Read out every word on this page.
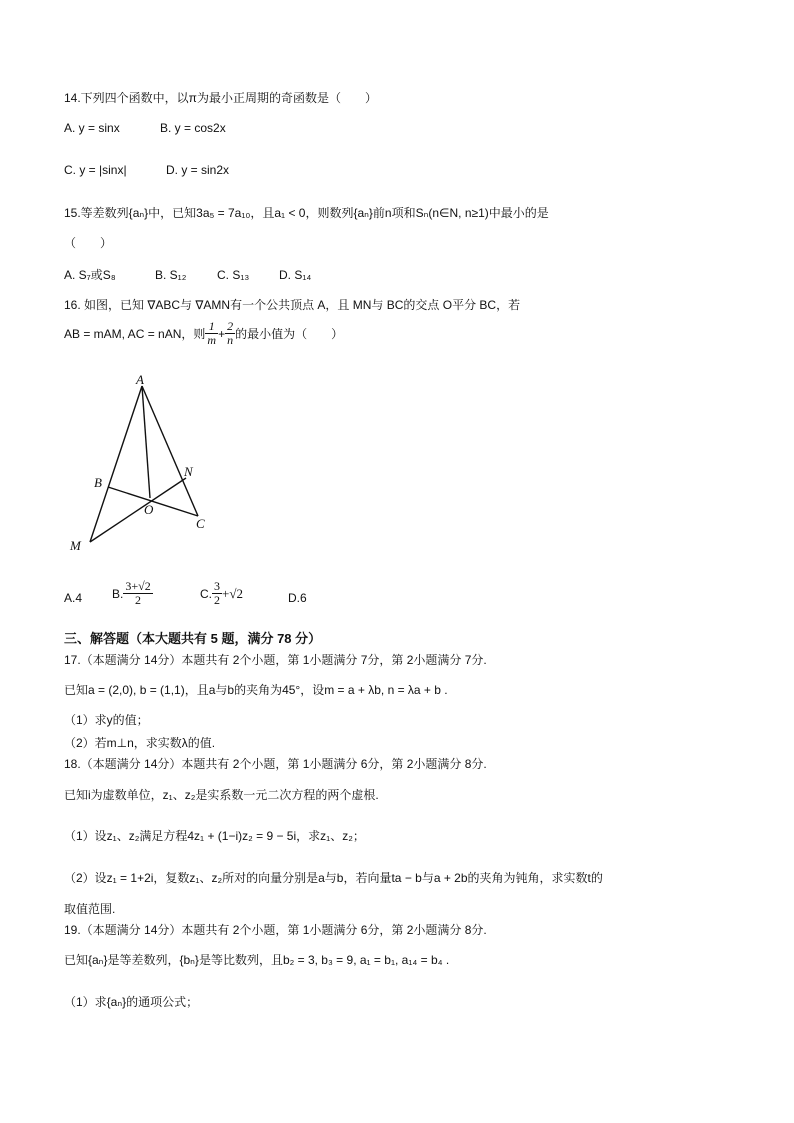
14.下列四个函数中，以π为最小正周期的奇函数是（　　）
A. y = sinx	B. y = cos2x
C. y = |sinx|	D. y = sin2x
15.等差数列{aₙ}中，已知3a₅ = 7a₁₀，且a₁ < 0，则数列{aₙ}前n项和Sₙ(n∈N, n≥1)中最小的是
（　　）
A. S₇或S₈	B. S₁₂	C. S₁₃ D. S₁₄
16. 如图，已知 ∇ABC与 ∇AMN有一个公共顶点 A，且 MN与 BC的交点 O平分 BC，若
AB = mAM, AC = nAN，则 $\frac{1}{m} + \frac{2}{n}$ 的最小值为（　　）
A
B
N
O
C
M
A.4 B. $\frac{3+√2}{2}$	C. $\frac{3}{2} +√2$	D.6
三、解答题（本大题共有 5 题，满分 78 分）
17.（本题满分 14分）本题共有 2个小题，第 1小题满分 7分，第 2小题满分 7分.
已知a = (2,0), b = (1,1)，且a与b的夹角为45°，设m = a + λb, n = λa + b .
（1）求y的值；
（2）若m⊥n，求实数λ的值.
18.（本题满分 14分）本题共有 2个小题，第 1小题满分 6分，第 2小题满分 8分.
已知i为虚数单位，z₁、z₂是实系数一元二次方程的两个虚根.
（1）设z₁、z₂满足方程4z₁ + (1−i)z₂ = 9 − 5i，求z₁、z₂；
（2）设z₁ = 1+2i，复数z₁、z₂所对的向量分别是a与b，若向量ta − b与a + 2b的夹角为钝角，求实数t的
取值范围.
19.（本题满分 14分）本题共有 2个小题，第 1小题满分 6分，第 2小题满分 8分.
已知{aₙ}是等差数列，{bₙ}是等比数列，且b₂ = 3, b₃ = 9, a₁ = b₁, a₁₄ = b₄ .
（1）求{aₙ}的通项公式；
